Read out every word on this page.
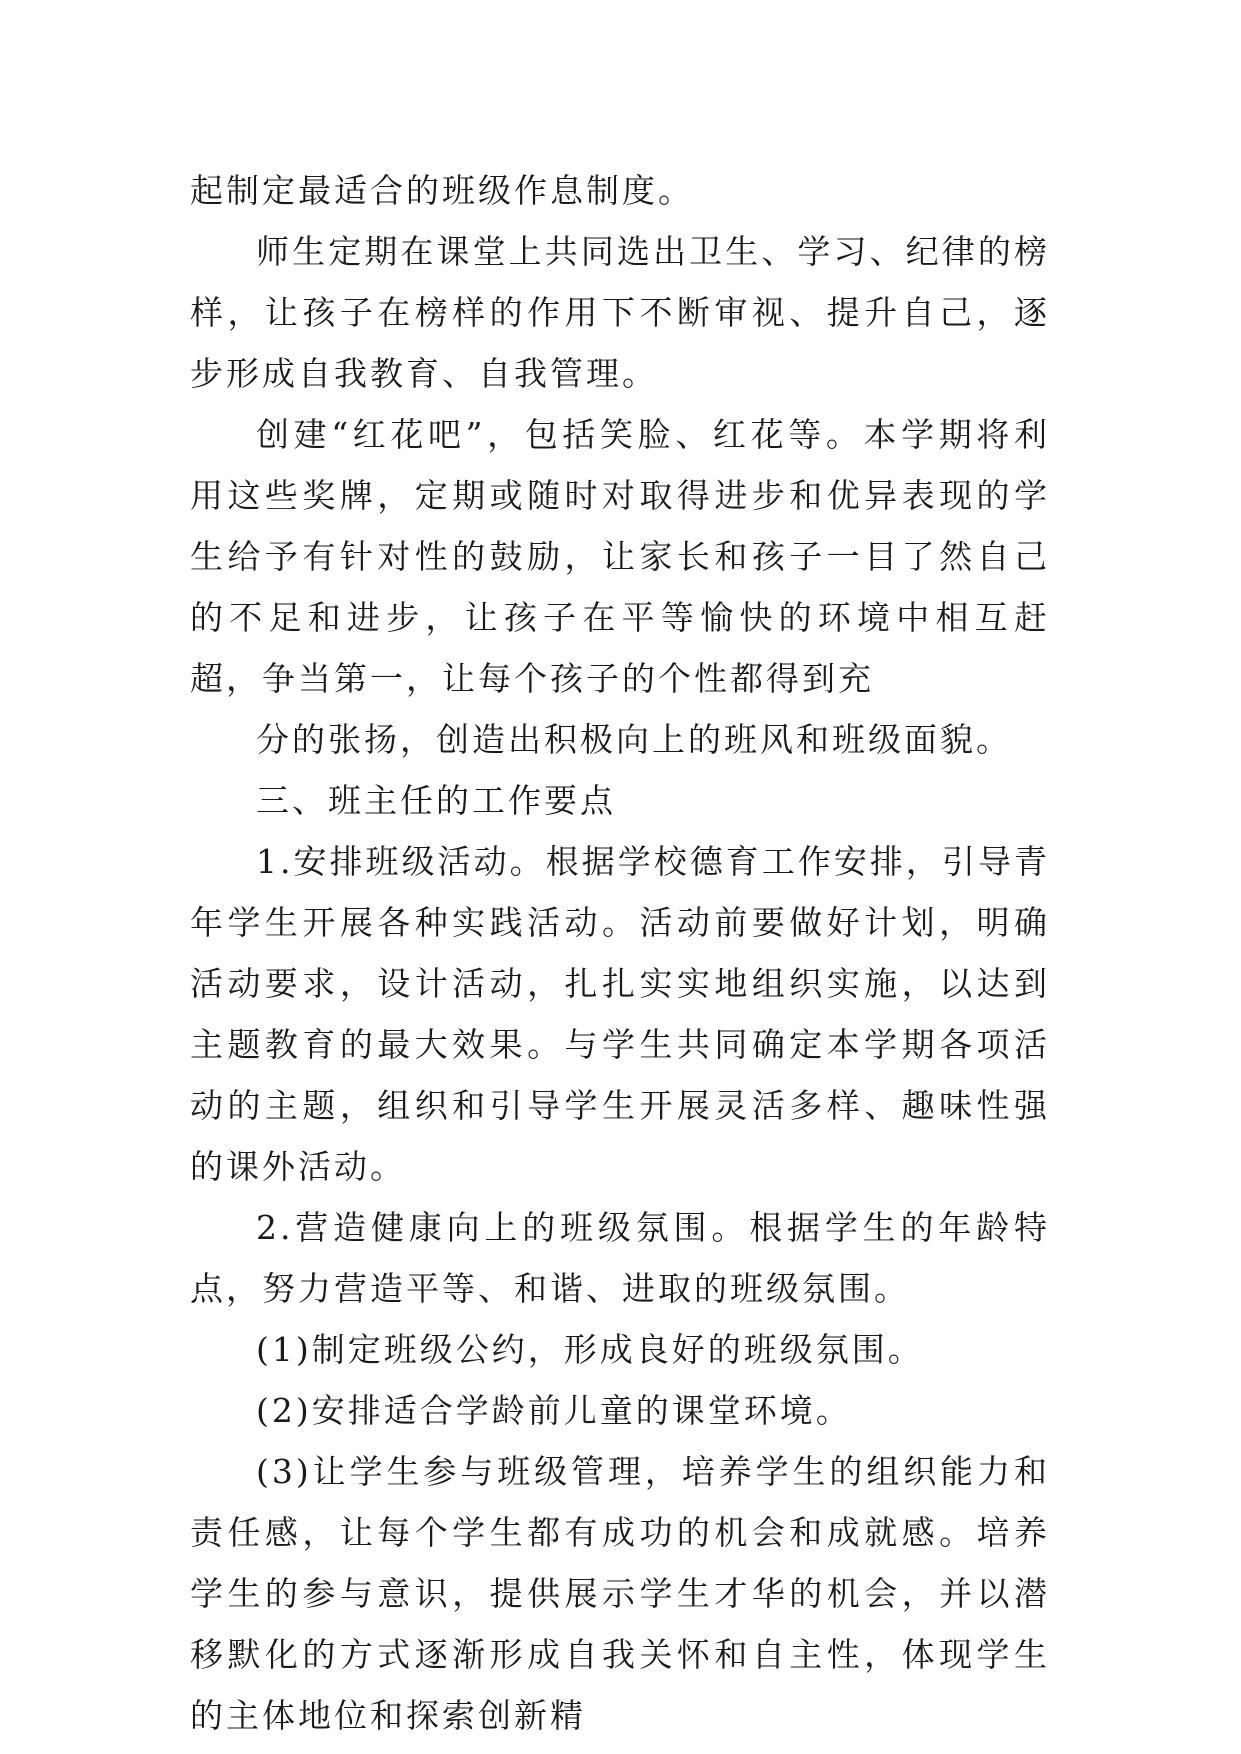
起制定最适合的班级作息制度。

师生定期在课堂上共同选出卫生、学习、纪律的榜样，让孩子在榜样的作用下不断审视、提升自己，逐步形成自我教育、自我管理。

创建“红花吧”，包括笑脸、红花等。本学期将利用这些奖牌，定期或随时对取得进步和优异表现的学生给予有针对性的鼓励，让家长和孩子一目了然自己的不足和进步，让孩子在平等愉快的环境中相互赶超，争当第一，让每个孩子的个性都得到充

分的张扬，创造出积极向上的班风和班级面貌。

三、班主任的工作要点

1.安排班级活动。根据学校德育工作安排，引导青年学生开展各种实践活动。活动前要做好计划，明确活动要求，设计活动，扎扎实实地组织实施，以达到主题教育的最大效果。与学生共同确定本学期各项活动的主题，组织和引导学生开展灵活多样、趣味性强的课外活动。

2.营造健康向上的班级氛围。根据学生的年龄特点，努力营造平等、和谐、进取的班级氛围。

(1)制定班级公约，形成良好的班级氛围。

(2)安排适合学龄前儿童的课堂环境。

(3)让学生参与班级管理，培养学生的组织能力和责任感，让每个学生都有成功的机会和成就感。培养学生的参与意识，提供展示学生才华的机会，并以潜移默化的方式逐渐形成自我关怀和自主性，体现学生的主体地位和探索创新精
